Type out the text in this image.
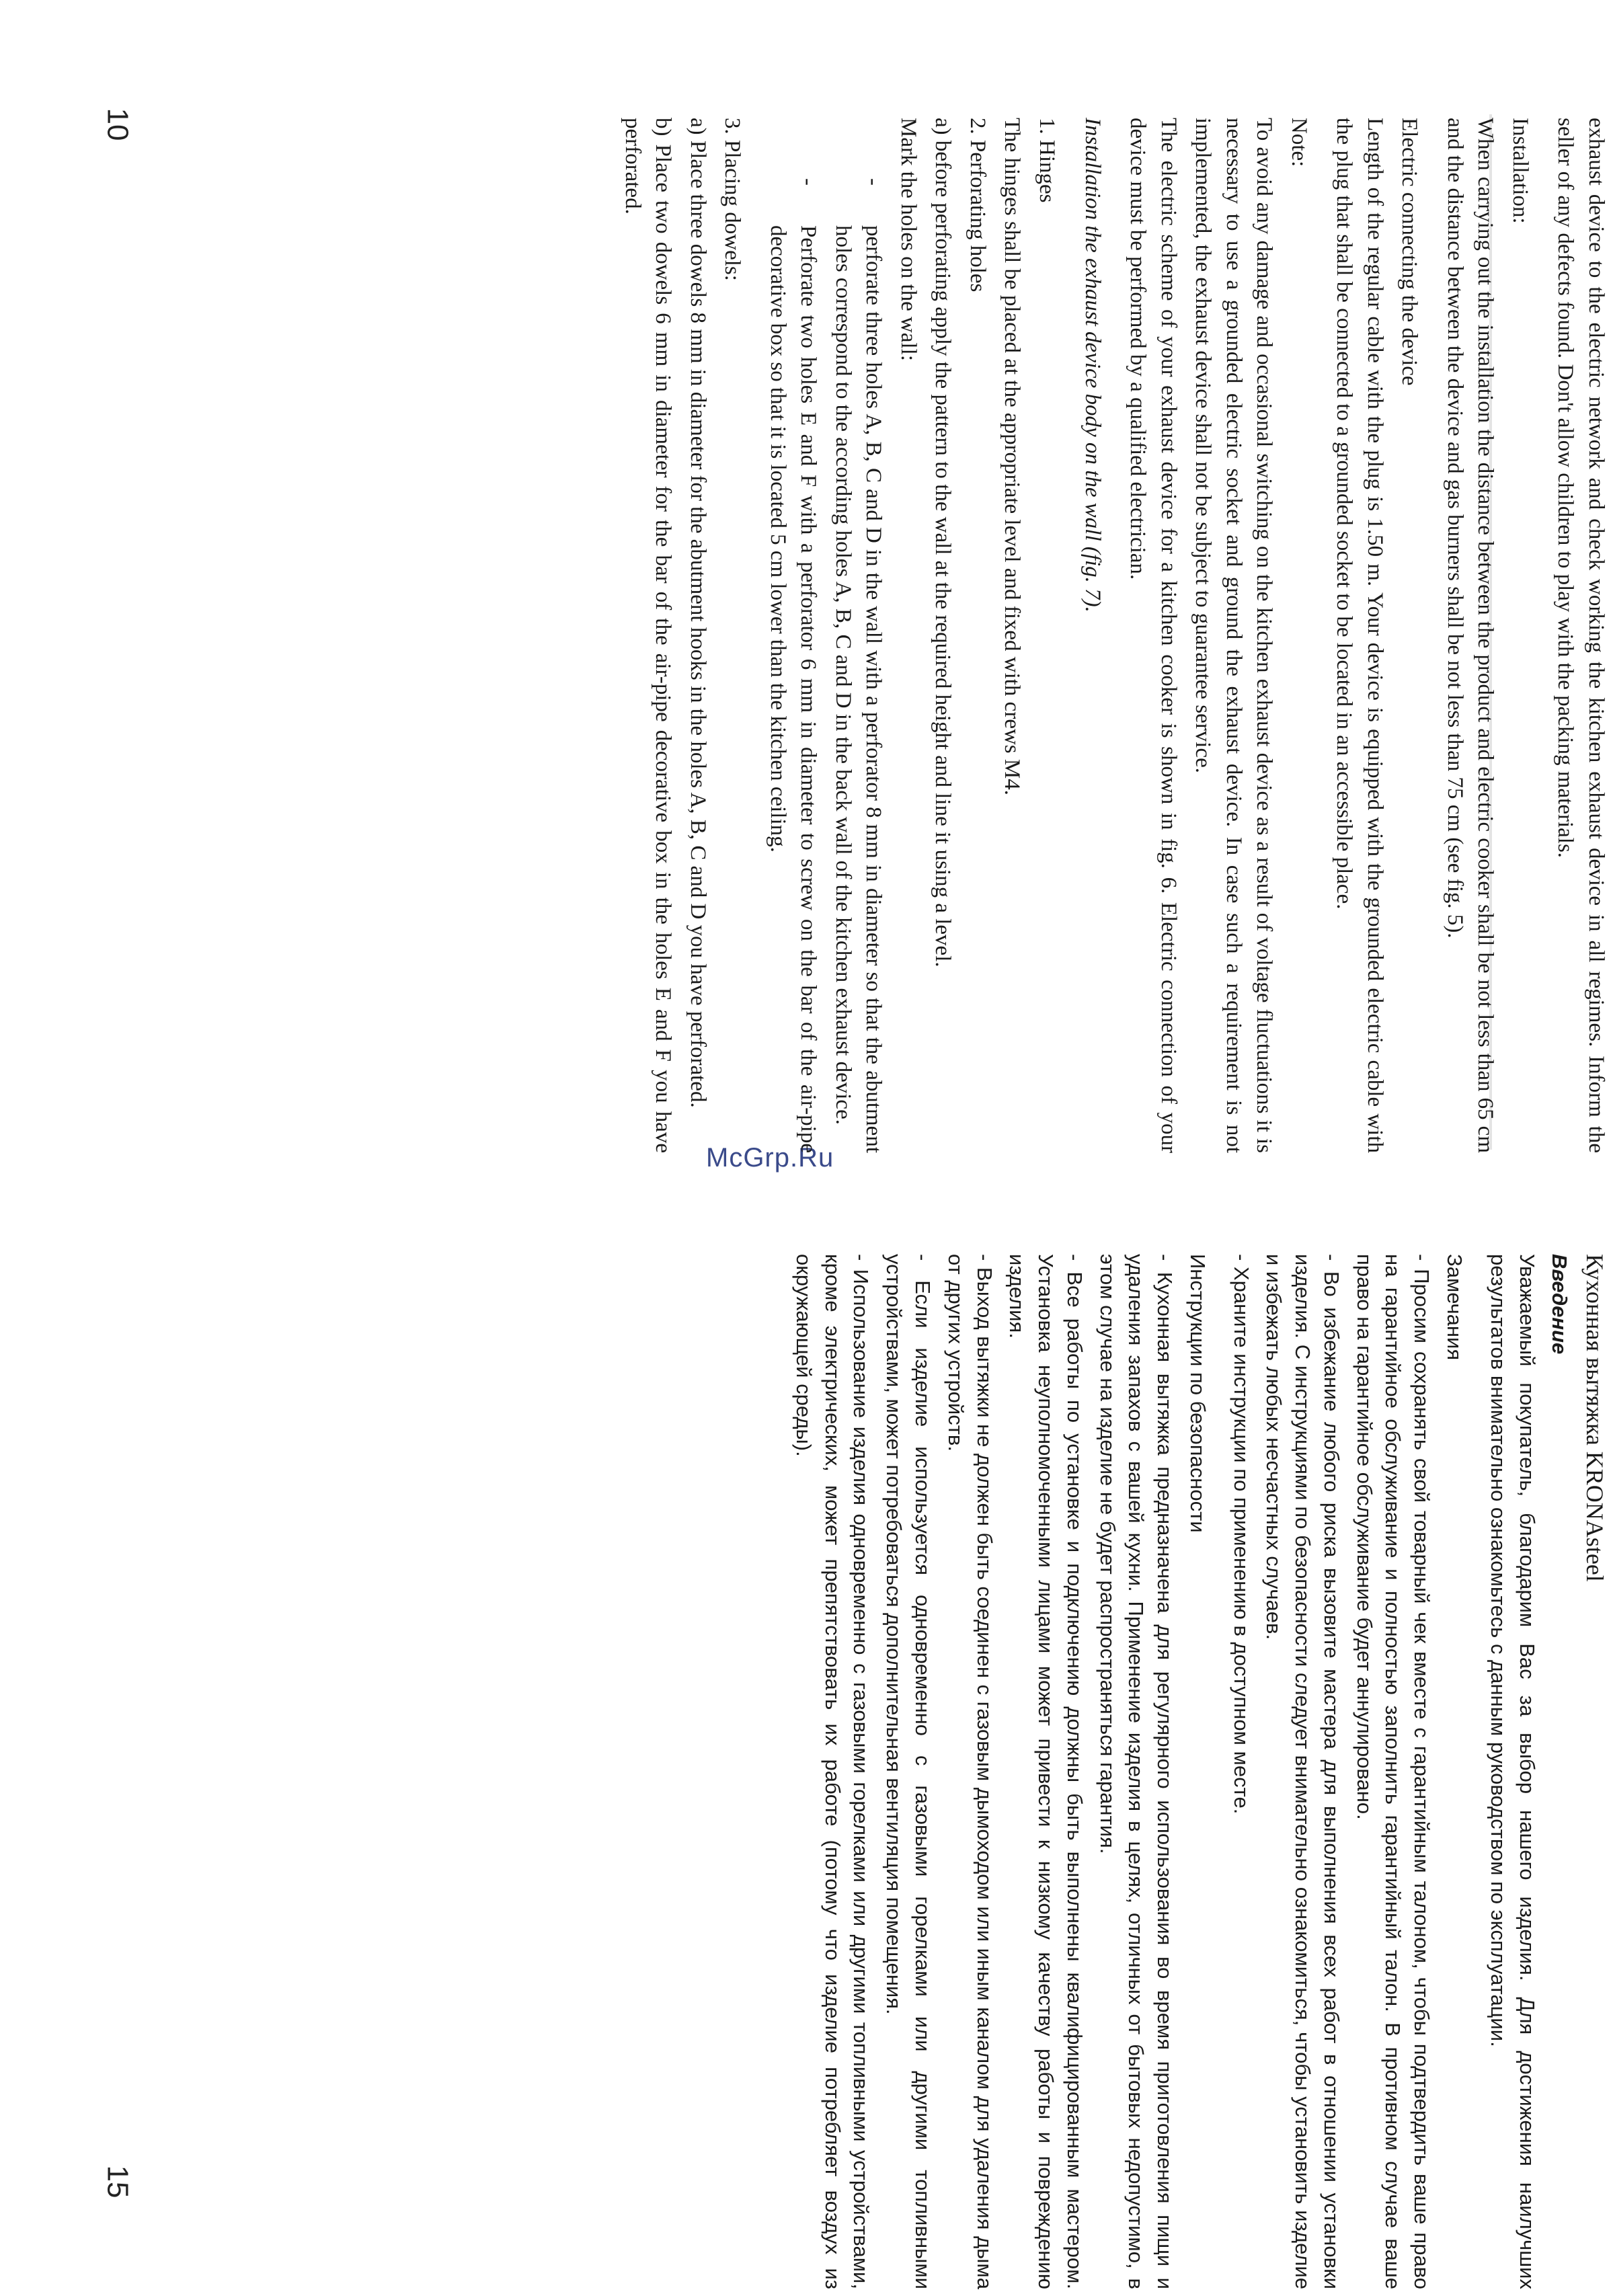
10
15
McGrp.Ru

exhaust device to the electric network and check working the kitchen exhaust device in all regimes. Inform the seller of any defects found. Don't allow children to play with the packing materials.

Installation:

When carrying out the installation the distance between the product and electric cooker shall be not less than 65 cm and the distance between the device and gas burners shall be not less than 75 cm (see fig. 5).

Electric connecting the device

Length of the regular cable with the plug is 1.50 m. Your device is equipped with the grounded electric cable with the plug that shall be connected to a grounded socket to be located in an accessible place.

Note:

To avoid any damage and occasional switching on the kitchen exhaust device as a result of voltage fluctuations it is necessary to use a grounded electric socket and ground the exhaust device. In case such a requirement is not implemented, the exhaust device shall not be subject to guarantee service.

The electric scheme of your exhaust device for a kitchen cooker is shown in fig. 6. Electric connection of your device must be performed by a qualified electrician.

Installation the exhaust device body on the wall (fig. 7).

1. Hinges

The hinges shall be placed at the appropriate level and fixed with crews M4.

2. Perforating holes

a) before perforating apply the pattern to the wall at the required height and line it using a level.

Mark the holes on the wall:

- perforate three holes A, B, C and D in the wall with a perforator 8 mm in diameter so that the abutment holes correspond to the according holes A, B, C and D in the back wall of the kitchen exhaust device.
- Perforate two holes E and F with a perforator 6 mm in diameter to screw on the bar of the air-pipe decorative box so that it is located 5 cm lower than the kitchen ceiling.

3. Placing dowels:

a) Place three dowels 8 mm in diameter for the abutment hooks in the holes A, B, C and D you have perforated.

b) Place two dowels 6 mm in diameter for the bar of the air-pipe decorative box in the holes E and F you have perforated.

Кухонная вытяжка KRONAsteel

Введение

Уважаемый покупатель, благодарим Вас за выбор нашего изделия. Для достижения наилучших результатов внимательно ознакомьтесь с данным руководством по эксплуатации.

Замечания

- Просим сохранять свой товарный чек вместе с гарантийным талоном, чтобы подтвердить ваше право на гарантийное обслуживание и полностью заполнить гарантийный талон. В противном случае ваше право на гарантийное обслуживание будет аннулировано.

- Во избежание любого риска вызовите мастера для выполнения всех работ в отношении установки изделия. С инструкциями по безопасности следует внимательно ознакомиться, чтобы установить изделие и избежать любых несчастных случаев.

- Храните инструкции по применению в доступном месте.

Инструкции по безопасности

- Кухонная вытяжка предназначена для регулярного использования во время приготовления пищи и удаления запахов с вашей кухни. Применение изделия в целях, отличных от бытовых недопустимо, в этом случае на изделие не будет распространяться гарантия.

- Все работы по установке и подключению должны быть выполнены квалифицированным мастером. Установка неуполномоченными лицами может привести к низкому качеству работы и повреждению изделия.

- Выход вытяжки не должен быть соединен с газовым дымоходом или иным каналом для удаления дыма от других устройств.

- Если изделие используется одновременно с газовыми горелками или другими топливными устройствами, может потребоваться дополнительная вентиляция помещения.

- Использование изделия одновременно с газовыми горелками или другими топливными устройствами, кроме электрических, может препятствовать их работе (потому что изделие потребляет воздух из окружающей среды).
